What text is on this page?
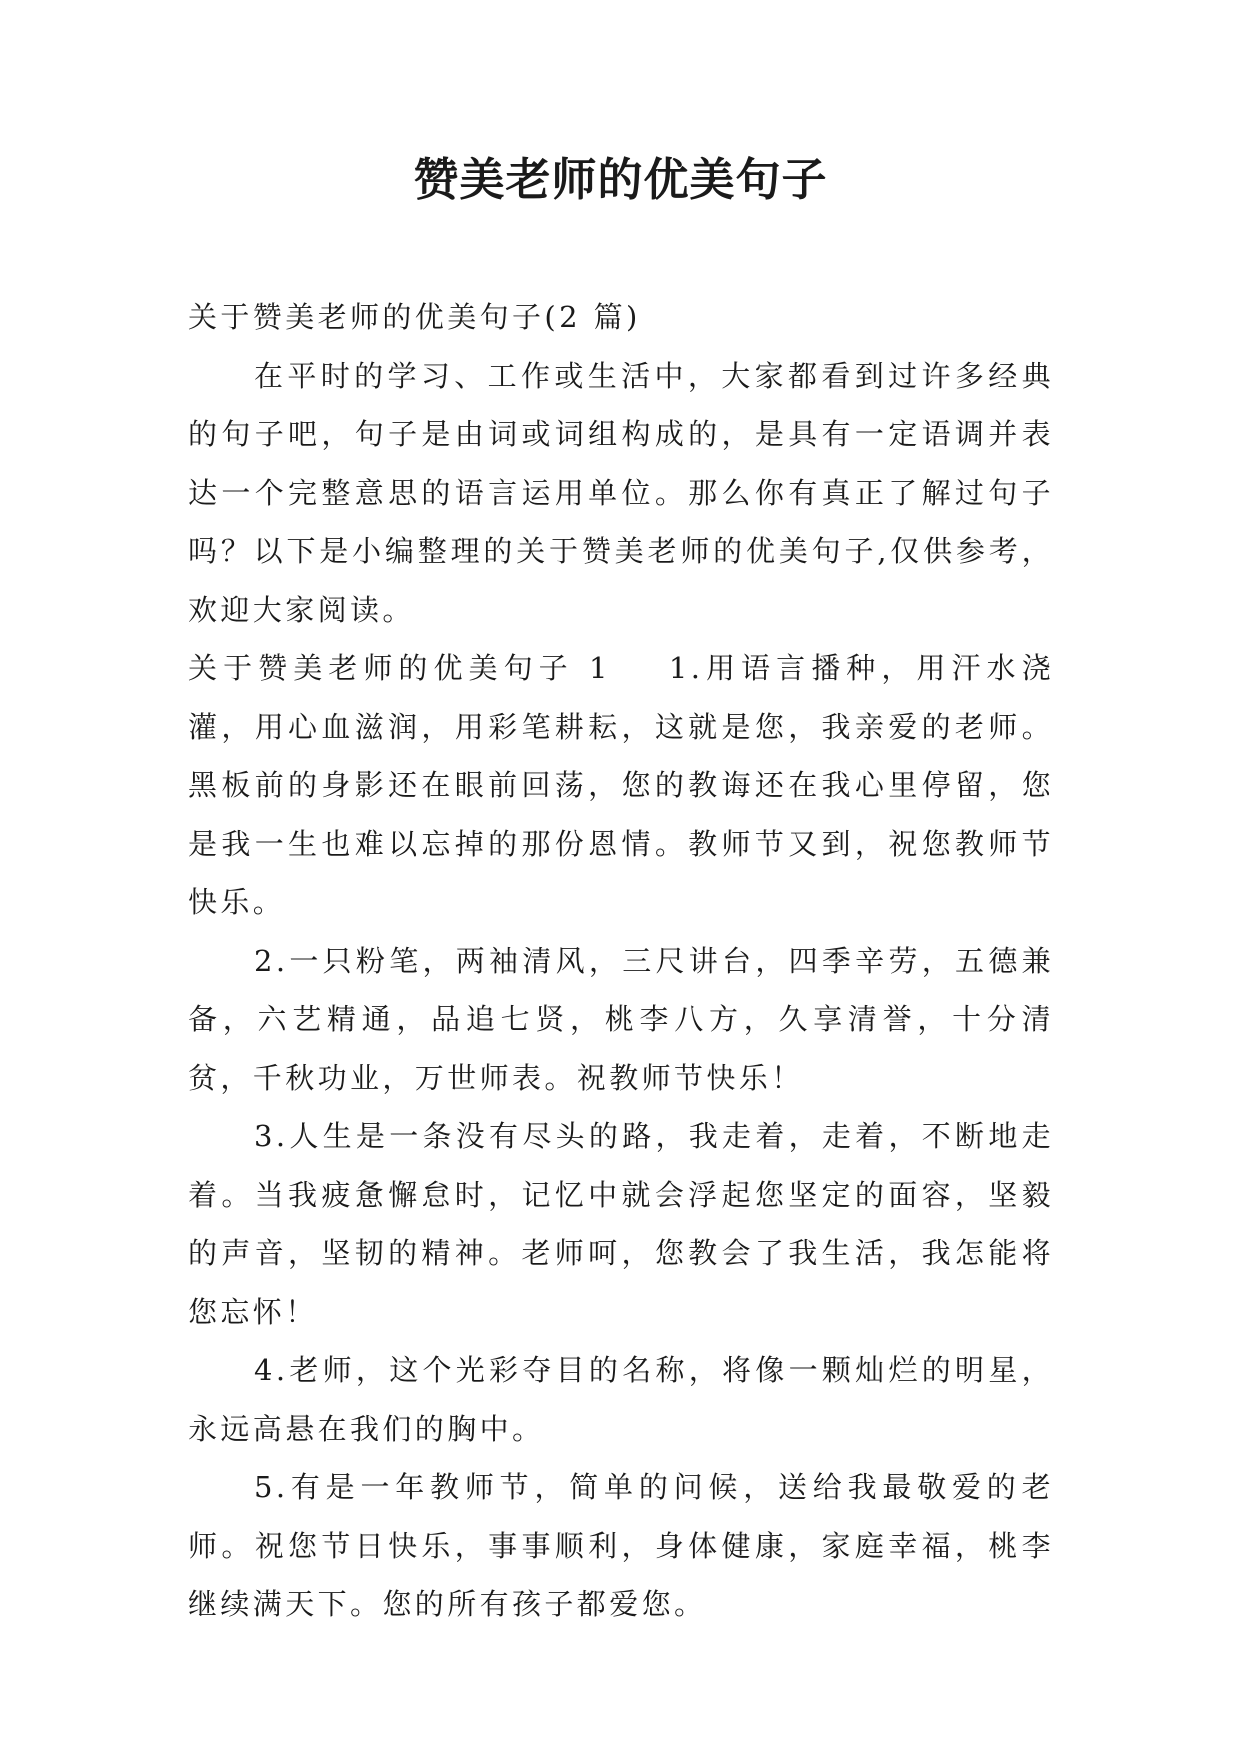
赞美老师的优美句子

关于赞美老师的优美句子(2 篇)

在平时的学习、工作或生活中，大家都看到过许多经典的句子吧，句子是由词或词组构成的，是具有一定语调并表达一个完整意思的语言运用单位。那么你有真正了解过句子吗？以下是小编整理的关于赞美老师的优美句子,仅供参考，欢迎大家阅读。

关于赞美老师的优美句子 1 1.用语言播种，用汗水浇灌，用心血滋润，用彩笔耕耘，这就是您，我亲爱的老师。黑板前的身影还在眼前回荡，您的教诲还在我心里停留，您是我一生也难以忘掉的那份恩情。教师节又到，祝您教师节快乐。

2.一只粉笔，两袖清风，三尺讲台，四季辛劳，五德兼备，六艺精通，品追七贤，桃李八方，久享清誉，十分清贫，千秋功业，万世师表。祝教师节快乐！

3.人生是一条没有尽头的路，我走着，走着，不断地走着。当我疲惫懈怠时，记忆中就会浮起您坚定的面容，坚毅的声音，坚韧的精神。老师呵，您教会了我生活，我怎能将您忘怀！

4.老师，这个光彩夺目的名称，将像一颗灿烂的明星，永远高悬在我们的胸中。

5.有是一年教师节，简单的问候，送给我最敬爱的老师。祝您节日快乐，事事顺利，身体健康，家庭幸福，桃李继续满天下。您的所有孩子都爱您。
